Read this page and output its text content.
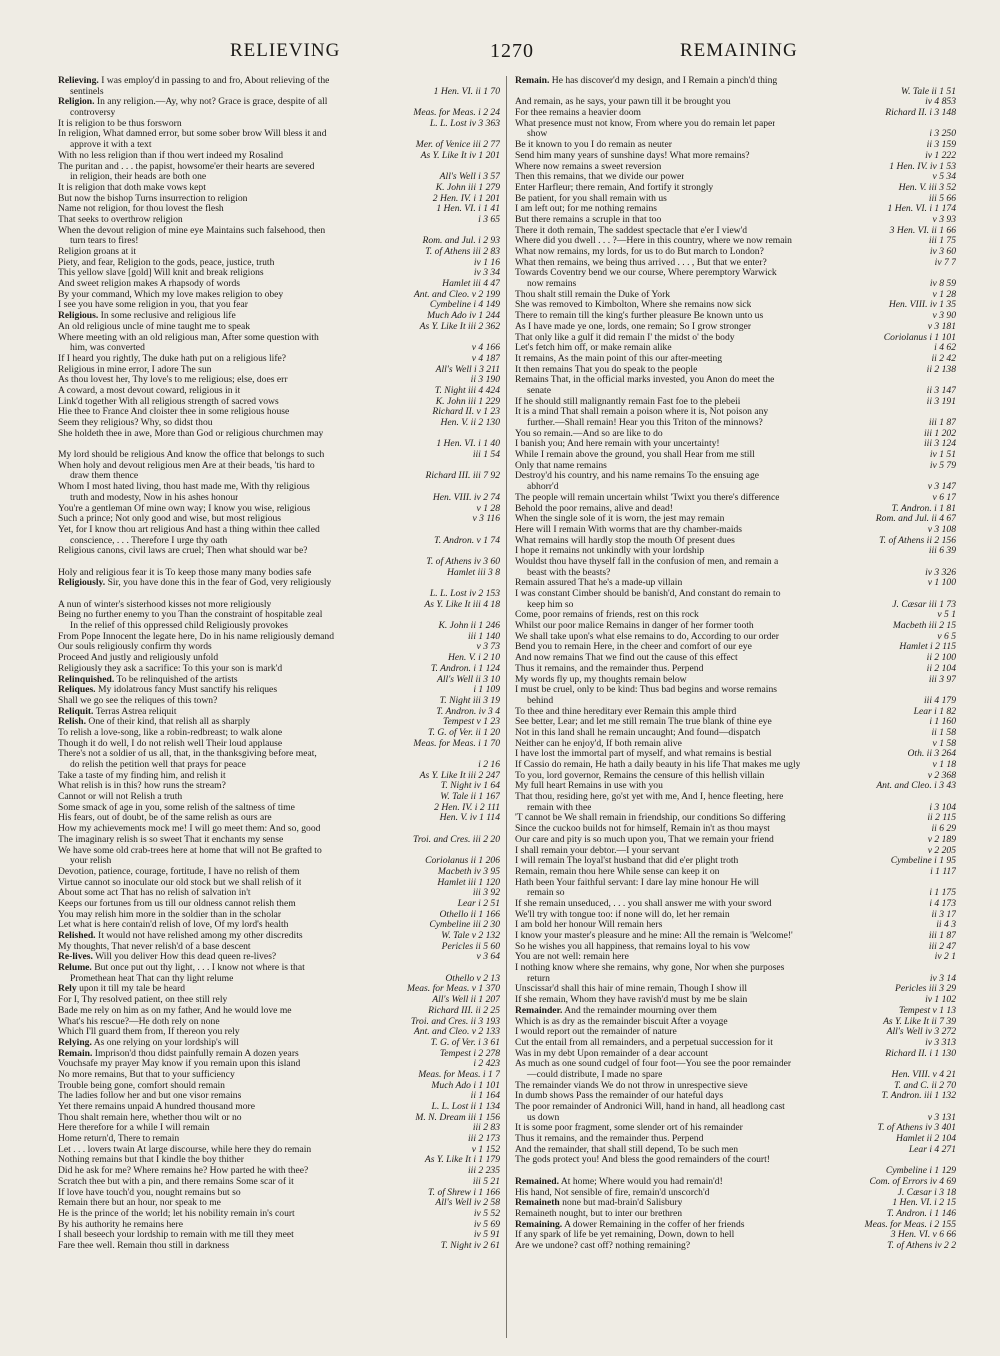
RELIEVING	1270	REMAINING
Relieving. I was employ'd in passing to and fro, About relieving of the
sentinels	1 Hen. VI. ii 1 70
Religion. In any religion.—Ay, why not? Grace is grace, despite of all
controversy	Meas. for Meas. i 2 24
It is religion to be thus forsworn	L. L. Lost iv 3 363
In religion, What damned error, but some sober brow Will bless it and
approve it with a text	Mer. of Venice iii 2 77
With no less religion than if thou wert indeed my Rosalind	As Y. Like It iv 1 201
The puritan and . . . the papist, howsome'er their hearts are severed
in religion, their heads are both one	All's Well i 3 57
It is religion that doth make vows kept	K. John iii 1 279
But now the bishop Turns insurrection to religion	2 Hen. IV. i 1 201
Name not religion, for thou lovest the flesh	1 Hen. VI. i 1 41
That seeks to overthrow religion	i 3 65
When the devout religion of mine eye Maintains such falsehood, then
turn tears to fires!	Rom. and Jul. i 2 93
Religion groans at it	T. of Athens iii 2 83
Piety, and fear, Religion to the gods, peace, justice, truth	iv 1 16
This yellow slave [gold] Will knit and break religions	iv 3 34
And sweet religion makes A rhapsody of words	Hamlet iii 4 47
By your command, Which my love makes religion to obey	Ant. and Cleo. v 2 199
I see you have some religion in you, that you fear	Cymbeline i 4 149
Religious. In some reclusive and religious life	Much Ado iv 1 244
An old religious uncle of mine taught me to speak	As Y. Like It iii 2 362
Where meeting with an old religious man, After some question with
him, was converted	v 4 166
If I heard you rightly, The duke hath put on a religious life?	v 4 187
Religious in mine error, I adore The sun	All's Well i 3 211
As thou lovest her, Thy love's to me religious; else, does err	ii 3 190
A coward, a most devout coward, religious in it	T. Night iii 4 424
Link'd together With all religious strength of sacred vows	K. John iii 1 229
Hie thee to France And cloister thee in some religious house	Richard II. v 1 23
Seem they religious? Why, so didst thou	Hen. V. ii 2 130
She holdeth thee in awe, More than God or religious churchmen may
1 Hen. VI. i 1 40
My lord should be religious And know the office that belongs to such	iii 1 54
When holy and devout religious men Are at their beads, 'tis hard to
draw them thence	Richard III. iii 7 92
Whom I most hated living, thou hast made me, With thy religious
truth and modesty, Now in his ashes honour	Hen. VIII. iv 2 74
You're a gentleman Of mine own way; I know you wise, religious	v 1 28
Such a prince; Not only good and wise, but most religious	v 3 116
Yet, for I know thou art religious And hast a thing within thee called
conscience, . . . Therefore I urge thy oath	T. Andron. v 1 74
Religious canons, civil laws are cruel; Then what should war be?
T. of Athens iv 3 60
Holy and religious fear it is To keep those many many bodies safe	Hamlet iii 3 8
Religiously. Sir, you have done this in the fear of God, very religiously
L. L. Lost iv 2 153
A nun of winter's sisterhood kisses not more religiously	As Y. Like It iii 4 18
Being no further enemy to you Than the constraint of hospitable zeal
In the relief of this oppressed child Religiously provokes	K. John ii 1 246
From Pope Innocent the legate here, Do in his name religiously demand	iii 1 140
Our souls religiously confirm thy words	v 3 73
Proceed And justly and religiously unfold	Hen. V. i 2 10
Religiously they ask a sacrifice: To this your son is mark'd	T. Andron. i 1 124
Relinquished. To be relinquished of the artists	All's Well ii 3 10
Reliques. My idolatrous fancy Must sanctify his reliques	i 1 109
Shall we go see the reliques of this town?	T. Night iii 3 19
Reliquit. Terras Astrea reliquit	T. Andron. iv 3 4
Relish. One of their kind, that relish all as sharply	Tempest v 1 23
To relish a love-song, like a robin-redbreast; to walk alone	T. G. of Ver. ii 1 20
Though it do well, I do not relish well Their loud applause	Meas. for Meas. i 1 70
There's not a soldier of us all, that, in the thanksgiving before meat,
do relish the petition well that prays for peace	i 2 16
Take a taste of my finding him, and relish it	As Y. Like It iii 2 247
What relish is in this? how runs the stream?	T. Night iv 1 64
Cannot or will not Relish a truth	W. Tale ii 1 167
Some smack of age in you, some relish of the saltness of time	2 Hen. IV. i 2 111
His fears, out of doubt, be of the same relish as ours are	Hen. V. iv 1 114
How my achievements mock me! I will go meet them: And so, good
The imaginary relish is so sweet That it enchants my sense	Troi. and Cres. iii 2 20
We have some old crab-trees here at home that will not Be grafted to
your relish	Coriolanus ii 1 206
Devotion, patience, courage, fortitude, I have no relish of them	Macbeth iv 3 95
Virtue cannot so inoculate our old stock but we shall relish of it	Hamlet iii 1 120
About some act That has no relish of salvation in't	iii 3 92
Keeps our fortunes from us till our oldness cannot relish them	Lear i 2 51
You may relish him more in the soldier than in the scholar	Othello ii 1 166
Let what is here contain'd relish of love, Of my lord's health	Cymbeline iii 2 30
Relished. It would not have relished among my other discredits	W. Tale v 2 132
My thoughts, That never relish'd of a base descent	Pericles ii 5 60
Re-lives. Will you deliver How this dead queen re-lives?	v 3 64
Relume. But once put out thy light, . . . I know not where is that
Promethean heat That can thy light relume	Othello v 2 13
Rely upon it till my tale be heard	Meas. for Meas. v 1 370
For I, Thy resolved patient, on thee still rely	All's Well ii 1 207
Bade me rely on him as on my father, And he would love me	Richard III. ii 2 25
What's his rescue?—He doth rely on none	Troi. and Cres. ii 3 193
Which I'll guard them from, If thereon you rely	Ant. and Cleo. v 2 133
Relying. As one relying on your lordship's will	T. G. of Ver. i 3 61
Remain. Imprison'd thou didst painfully remain A dozen years	Tempest i 2 278
Vouchsafe my prayer May know if you remain upon this island	i 2 423
No more remains, But that to your sufficiency	Meas. for Meas. i 1 7
Trouble being gone, comfort should remain	Much Ado i 1 101
The ladies follow her and but one visor remains	ii 1 164
Yet there remains unpaid A hundred thousand more	L. L. Lost ii 1 134
Thou shalt remain here, whether thou wilt or no	M. N. Dream iii 1 156
Here therefore for a while I will remain	iii 2 83
Home return'd, There to remain	iii 2 173
Let . . . lovers twain At large discourse, while here they do remain	v 1 152
Nothing remains but that I kindle the boy thither	As Y. Like It i 1 179
Did he ask for me? Where remains he? How parted he with thee?	iii 2 235
Scratch thee but with a pin, and there remains Some scar of it	iii 5 21
If love have touch'd you, nought remains but so	T. of Shrew i 1 166
Remain there but an hour, nor speak to me	All's Well iv 2 58
He is the prince of the world; let his nobility remain in's court	iv 5 52
By his authority he remains here	iv 5 69
I shall beseech your lordship to remain with me till they meet	iv 5 91
Fare thee well. Remain thou still in darkness	T. Night iv 2 61
Remain. He has discover'd my design, and I Remain a pinch'd thing
W. Tale ii 1 51
And remain, as he says, your pawn till it be brought you	iv 4 853
For thee remains a heavier doom	Richard II. i 3 148
What presence must not know, From where you do remain let paper
show	i 3 250
Be it known to you I do remain as neuter	ii 3 159
Send him many years of sunshine days! What more remains?	iv 1 222
Where now remains a sweet reversion	1 Hen. IV. iv 1 53
Then this remains, that we divide our power	v 5 34
Enter Harfleur; there remain, And fortify it strongly	Hen. V. iii 3 52
Be patient, for you shall remain with us	iii 5 66
I am left out; for me nothing remains	1 Hen. VI. i 1 174
But there remains a scruple in that too	v 3 93
There it doth remain, The saddest spectacle that e'er I view'd	3 Hen. VI. ii 1 66
Where did you dwell . . . ?—Here in this country, where we now remain	iii 1 75
What now remains, my lords, for us to do But march to London?	iv 3 60
What then remains, we being thus arrived . . . , But that we enter?	iv 7 7
Towards Coventry bend we our course, Where peremptory Warwick
now remains	iv 8 59
Thou shalt still remain the Duke of York	v 1 28
She was removed to Kimbolton, Where she remains now sick	Hen. VIII. iv 1 35
There to remain till the king's further pleasure Be known unto us	v 3 90
As I have made ye one, lords, one remain; So I grow stronger	v 3 181
That only like a gulf it did remain I' the midst o' the body	Coriolanus i 1 101
Let's fetch him off, or make remain alike	i 4 62
It remains, As the main point of this our after-meeting	ii 2 42
It then remains That you do speak to the people	ii 2 138
Remains That, in the official marks invested, you Anon do meet the
senate	ii 3 147
If he should still malignantly remain Fast foe to the plebeii	ii 3 191
It is a mind That shall remain a poison where it is, Not poison any
further.—Shall remain! Hear you this Triton of the minnows?	iii 1 87
You so remain.—And so are like to do	iii 1 202
I banish you; And here remain with your uncertainty!	iii 3 124
While I remain above the ground, you shall Hear from me still	iv 1 51
Only that name remains	iv 5 79
Destroy'd his country, and his name remains To the ensuing age
abhorr'd	v 3 147
The people will remain uncertain whilst 'Twixt you there's difference	v 6 17
Behold the poor remains, alive and dead!	T. Andron. i 1 81
When the single sole of it is worn, the jest may remain	Rom. and Jul. ii 4 67
Here will I remain With worms that are thy chamber-maids	v 3 108
What remains will hardly stop the mouth Of present dues	T. of Athens ii 2 156
I hope it remains not unkindly with your lordship	iii 6 39
Wouldst thou have thyself fall in the confusion of men, and remain a
beast with the beasts?	iv 3 326
Remain assured That he's a made-up villain	v 1 100
I was constant Cimber should be banish'd, And constant do remain to
keep him so	J. Cæsar iii 1 73
Come, poor remains of friends, rest on this rock	v 5 1
Whilst our poor malice Remains in danger of her former tooth	Macbeth iii 2 15
We shall take upon's what else remains to do, According to our order	v 6 5
Bend you to remain Here, in the cheer and comfort of our eye	Hamlet i 2 115
And now remains That we find out the cause of this effect	ii 2 100
Thus it remains, and the remainder thus. Perpend	ii 2 104
My words fly up, my thoughts remain below	iii 3 97
I must be cruel, only to be kind: Thus bad begins and worse remains
behind	iii 4 179
To thee and thine hereditary ever Remain this ample third	Lear i 1 82
See better, Lear; and let me still remain The true blank of thine eye	i 1 160
Not in this land shall he remain uncaught; And found—dispatch	ii 1 58
Neither can he enjoy'd, If both remain alive	v 1 58
I have lost the immortal part of myself, and what remains is bestial	Oth. ii 3 264
If Cassio do remain, He hath a daily beauty in his life That makes me ugly	v 1 18
To you, lord governor, Remains the censure of this hellish villain	v 2 368
My full heart Remains in use with you	Ant. and Cleo. i 3 43
That thou, residing here, go'st yet with me, And I, hence fleeting, here
remain with thee	i 3 104
'T cannot be We shall remain in friendship, our conditions So differing	ii 2 115
Since the cuckoo builds not for himself, Remain in't as thou mayst	ii 6 29
Our care and pity is so much upon you, That we remain your friend	v 2 189
I shall remain your debtor.—I your servant	v 2 205
I will remain The loyal'st husband that did e'er plight troth	Cymbeline i 1 95
Remain, remain thou here While sense can keep it on	i 1 117
Hath been Your faithful servant: I dare lay mine honour He will
remain so	i 1 175
If she remain unseduced, . . . you shall answer me with your sword	i 4 173
We'll try with tongue too: if none will do, let her remain	ii 3 17
I am bold her honour Will remain hers	ii 4 3
I know your master's pleasure and he mine: All the remain is 'Welcome!'	iii 1 87
So he wishes you all happiness, that remains loyal to his vow	iii 2 47
You are not well: remain here	iv 2 1
I nothing know where she remains, why gone, Nor when she purposes
return	iv 3 14
Unscissar'd shall this hair of mine remain, Though I show ill	Pericles iii 3 29
If she remain, Whom they have ravish'd must by me be slain	iv 1 102
Remainder. And the remainder mourning over them	Tempest v 1 13
Which is as dry as the remainder biscuit After a voyage	As Y. Like It ii 7 39
I would report out the remainder of nature	All's Well iv 3 272
Cut the entail from all remainders, and a perpetual succession for it	iv 3 313
Was in my debt Upon remainder of a dear account	Richard II. i 1 130
As much as one sound cudgel of four foot—You see the poor remainder
—could distribute, I made no spare	Hen. VIII. v 4 21
The remainder viands We do not throw in unrespective sieve	T. and C. ii 2 70
In dumb shows Pass the remainder of our hateful days	T. Andron. iii 1 132
The poor remainder of Andronici Will, hand in hand, all headlong cast
us down	v 3 131
It is some poor fragment, some slender ort of his remainder	T. of Athens iv 3 401
Thus it remains, and the remainder thus. Perpend	Hamlet ii 2 104
And the remainder, that shall still depend, To be such men	Lear i 4 271
The gods protect you! And bless the good remainders of the court!
Cymbeline i 1 129
Remained. At home; Where would you had remain'd!	Com. of Errors iv 4 69
His hand, Not sensible of fire, remain'd unscorch'd	J. Cæsar i 3 18
Remaineth none but mad-brain'd Salisbury	1 Hen. VI. i 2 15
Remaineth nought, but to inter our brethren	T. Andron. i 1 146
Remaining. A dower Remaining in the coffer of her friends	Meas. for Meas. i 2 155
If any spark of life be yet remaining, Down, down to hell	3 Hen. VI. v 6 66
Are we undone? cast off? nothing remaining?	T. of Athens iv 2 2
